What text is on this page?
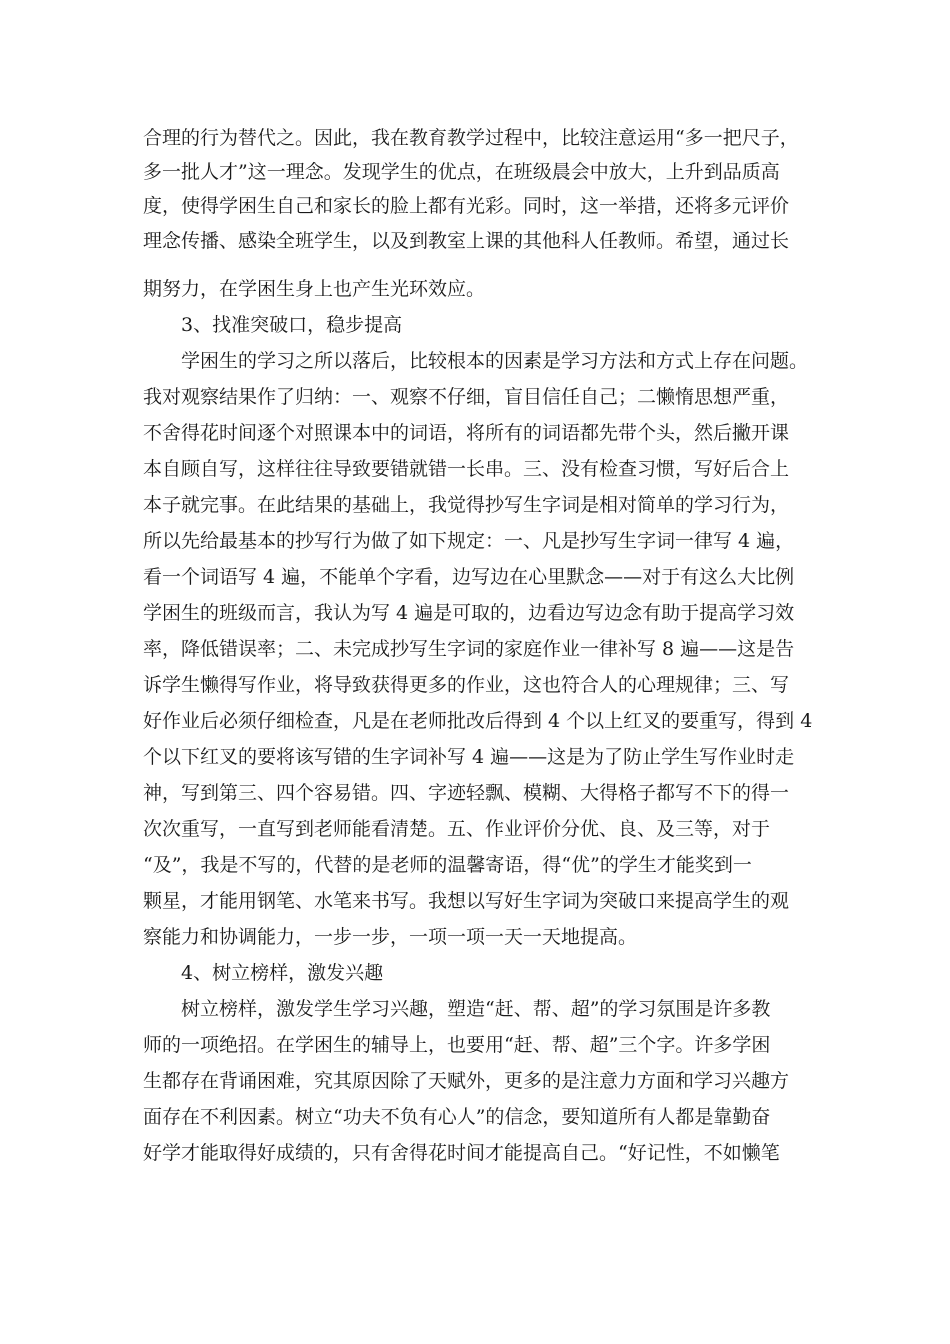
合理的行为替代之。因此，我在教育教学过程中，比较注意运用“多一把尺子，
多一批人才”这一理念。发现学生的优点，在班级晨会中放大，上升到品质高
度，使得学困生自己和家长的脸上都有光彩。同时，这一举措，还将多元评价
理念传播、感染全班学生，以及到教室上课的其他科人任教师。希望，通过长
期努力，在学困生身上也产生光环效应。
3、找准突破口，稳步提高
学困生的学习之所以落后，比较根本的因素是学习方法和方式上存在问题。
我对观察结果作了归纳：一、观察不仔细，盲目信任自己；二懒惰思想严重，
不舍得花时间逐个对照课本中的词语，将所有的词语都先带个头，然后撇开课
本自顾自写，这样往往导致要错就错一长串。三、没有检查习惯，写好后合上
本子就完事。在此结果的基础上，我觉得抄写生字词是相对简单的学习行为，
所以先给最基本的抄写行为做了如下规定：一、凡是抄写生字词一律写 4 遍，
看一个词语写 4 遍，不能单个字看，边写边在心里默念——对于有这么大比例
学困生的班级而言，我认为写 4 遍是可取的，边看边写边念有助于提高学习效
率，降低错误率；二、未完成抄写生字词的家庭作业一律补写 8 遍——这是告
诉学生懒得写作业，将导致获得更多的作业，这也符合人的心理规律；三、写
好作业后必须仔细检查，凡是在老师批改后得到 4 个以上红叉的要重写，得到 4
个以下红叉的要将该写错的生字词补写 4 遍——这是为了防止学生写作业时走
神，写到第三、四个容易错。四、字迹轻飘、模糊、大得格子都写不下的得一
次次重写，一直写到老师能看清楚。五、作业评价分优、良、及三等，对于
“及”，我是不写的，代替的是老师的温馨寄语，得“优”的学生才能奖到一
颗星，才能用钢笔、水笔来书写。我想以写好生字词为突破口来提高学生的观
察能力和协调能力，一步一步，一项一项一天一天地提高。
4、树立榜样，激发兴趣
树立榜样，激发学生学习兴趣，塑造“赶、帮、超”的学习氛围是许多教
师的一项绝招。在学困生的辅导上，也要用“赶、帮、超”三个字。许多学困
生都存在背诵困难，究其原因除了天赋外，更多的是注意力方面和学习兴趣方
面存在不利因素。树立“功夫不负有心人”的信念，要知道所有人都是靠勤奋
好学才能取得好成绩的，只有舍得花时间才能提高自己。“好记性，不如懒笔
